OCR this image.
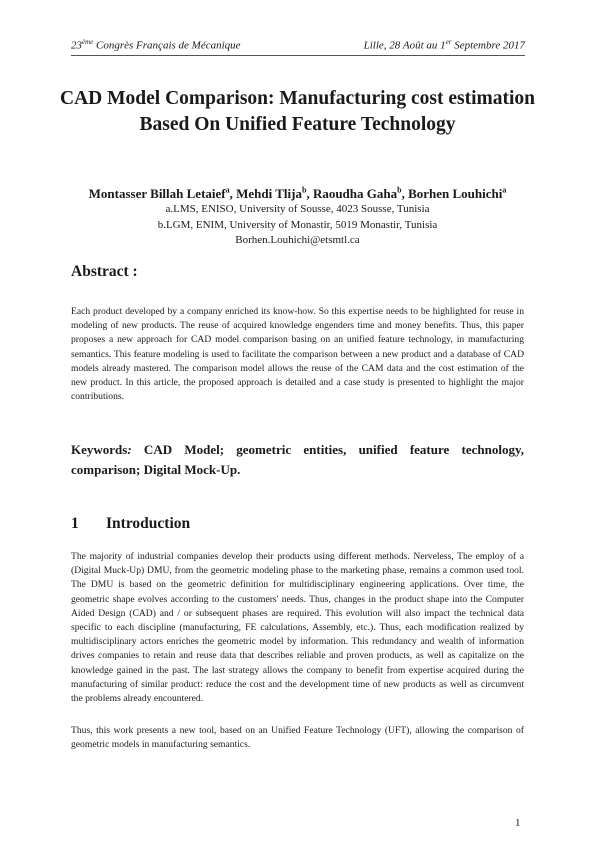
23ème Congrès Français de Mécanique	Lille, 28 Août au 1er Septembre 2017
CAD Model Comparison: Manufacturing cost estimation Based On Unified Feature Technology
Montasser Billah Letaief$^a$, Mehdi Tlija$^b$, Raoudha Gaha$^b$, Borhen Louhichi$^a$
a.LMS, ENISO, University of Sousse, 4023 Sousse, Tunisia
b.LGM, ENIM, University of Monastir, 5019 Monastir, Tunisia
Borhen.Louhichi@etsmtl.ca
Abstract :

Each product developed by a company enriched its know-how. So this expertise needs to be highlighted for reuse in modeling of new products. The reuse of acquired knowledge engenders time and money benefits. Thus, this paper proposes a new approach for CAD model comparison basing on an unified feature technology, in manufacturing semantics. This feature modeling is used to facilitate the comparison between a new product and a database of CAD models already mastered. The comparison model allows the reuse of the CAM data and the cost estimation of the new product. In this article, the proposed approach is detailed and a case study is presented to highlight the major contributions.

Keywords: CAD Model; geometric entities, unified feature technology, comparison; Digital Mock-Up.

1 Introduction

The majority of industrial companies develop their products using different methods. Nerveless, The employ of a (Digital Muck-Up) DMU, from the geometric modeling phase to the marketing phase, remains a common used tool. The DMU is based on the geometric definition for multidisciplinary engineering applications. Over time, the geometric shape evolves according to the customers' needs. Thus, changes in the product shape into the Computer Aided Design (CAD) and / or subsequent phases are required. This evolution will also impact the technical data specific to each discipline (manufacturing, FE calculations, Assembly, etc.). Thus, each modification realized by multidisciplinary actors enriches the geometric model by information. This redundancy and wealth of information drives companies to retain and reuse data that describes reliable and proven products, as well as capitalize on the knowledge gained in the past. The last strategy allows the company to benefit from expertise acquired during the manufacturing of similar product: reduce the cost and the development time of new products as well as circumvent the problems already encountered.

Thus, this work presents a new tool, based on an Unified Feature Technology (UFT), allowing the comparison of geometric models in manufacturing semantics.

1
